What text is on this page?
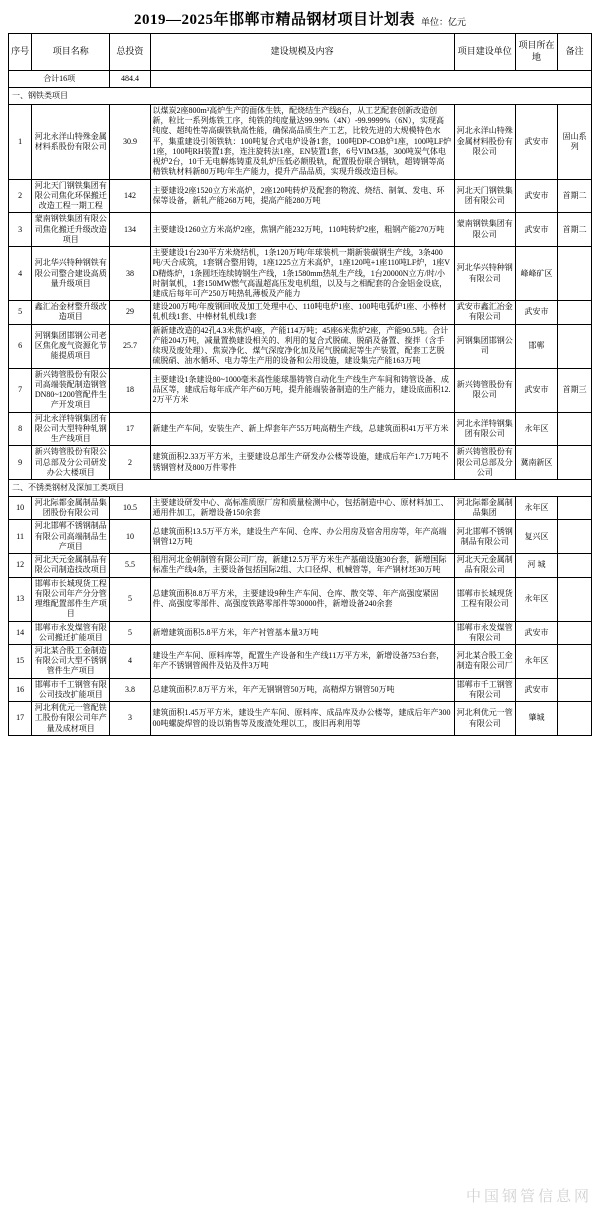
2019—2025年邯郸市精品钢材项目计划表 单位：亿元
序号	项目名称	总投资	建设规模及内容	项目建设单位	项目所在地	备注
合计16项		484.4				
一、钢铁类项目						
1	河北永洋山特殊金属材料系股份有限公司	30.9	以煤炭2座800m³高炉生产的面体生铁，配烧结生产线8台，从工艺配套创新改造创新，粒比一系列炼铁工序，纯铁的纯度量达99.99%（4N）-99.9999%（6N），实现高纯度、超纯性等高碳铁轨高性能，确保高品质生产工艺，比较先进的大规模特色水平，集重建设引领铁轨：100吨复合式电炉设备1套，100吨DP-COB炉1座，100吨LF炉1座，100吨RH装置1套，连注旋转法1座，EN装置1套，6号VIM3基，300吨炭气体电视炉2台，10千无电解炼铸重及轧炉压低必额股轨，配置股份联合钢轨，超铸钢等高精铁轨材料新80万吨/年生产能力，提升产品品质，实现升级改造目标。	河北永洋山特殊金属材料股份有限公司	武安市	固山系列
2	河北天门钢铁集团有限公司焦化环保搬迁改造工程一期工程	142	主要建设2座1520立方米高炉，2座120吨转炉及配套的物流、烧结、制氧、发电、环保等设备，新轧产能268万吨，提高产能280万吨	河北天门钢铁集团有限公司	武安市	首期二
3	蒙南钢铁集团有限公司焦化搬迁升级改造项目	134	主要建设1260立方米高炉2座，焦钢产能232万吨，110吨转炉2座，粗钢产能270万吨	蒙南钢铁集团有限公司	武安市	首期二
4	河北华兴特种钢铁有限公司整合建设高质量升级项目	38	主要建设1台230平方米烧结机，1条120万吨/年球装机一期新装碳钢生产线，3条400吨/天合成筑，1套钢合整用铸，1座1225立方米高炉，1座120吨+1座110吨LF炉，1座VD精炼炉，1条圆坯连续铸钢生产线，1条1580mm热轧生产线，1台20000N立方/时/小时制氧机，1套150MW燃气高温超高压发电机组，以及与之相配套的合金铝金设底，建成后每年可产250万吨热轧薄板及产能力	河北华兴特种钢有限公司	峰峰矿区	
5	鑫汇冶金材整升级改造项目	29	建设200万吨/年废钢回收及加工处理中心、110吨电炉1座、100吨电弧炉1座、小棒材轧机线1套、中棒材轧机线1套	武安市鑫汇冶金有限公司	武安市	
6	河钢集团邯钢公司老区焦化废气资源化节能提质项目	25.7	新新建改造的42孔4.3米焦炉4座，产能114万吨；45座6米焦炉2座，产能90.5吨。合计产能204万吨，减量置换建设相关的、利用的复合式脱硫、脱硝及备置、搅拌（含手续现及废处理）、焦炭净化、煤气深度净化加及尾气脱硫泥等生产装置，配套工艺脱硫脱硝、油水循环、电力等生产用的设备和公用设施，建设集完产能163万吨	河钢集团邯钢公司	邯郸	
7	新兴铸管股份有限公司高端装配制造钢管DN80~1200管配件生产开发项目	18	主要建设1条建设80~1000毫米高性能球墨铸管自动化生产线生产车间和铸管设备、成品区等，建成后每年成产年产60万吨，提升能端装备制造的生产能力，建设底面积12.2万平方米	新兴铸管股份有限公司	武安市	首期三
8	河北永洋特钢集团有限公司大型特种轧钢生产线项目	17	新建生产车间，安装生产、新上焊套年产55万吨高精生产线，总建筑面积41万平方米	河北永洋特钢集团有限公司	永年区	
9	新兴铸管股份有限公司总部及分公司研发办公大楼项目	2	建筑面积2.33万平方米，主要建设总部生产研发办公楼等设施，建成后年产1.7万吨不锈钢管材及800万件零件	新兴铸管股份有限公司总部及分公司	冀南新区	
二、不锈类钢材及深加工类项目						
10	河北际都金属制品集团股份有限公司	10.5	主要建设研发中心、高标准质原厂房和质量检测中心，包括制造中心、原材料加工、通用件加工，新增设备150余套	河北际都金属制品集团	永年区	
11	河北邯郸不锈钢制品有限公司高端制品生产项目	10	总建筑面积13.5万平方米，建设生产车间、仓库、办公用房及宿舍用房等，年产高端钢管12万吨	河北邯郸不锈钢制品有限公司	复兴区	
12	河北天元金属制品有限公司制造技改项目	5.5	租用河北金朝制管有限公司厂房，新建12.5万平方米生产基础设施30台套，新增国际标准生产线4条，主要设备包括国际2组、大口径焊、机械管等，年产钢材坯30万吨	河北天元金属制品有限公司	河 城	
13	邯郸市长城现货工程有限公司年产分分管理维配置部件生产项目	5	总建筑面积8.8万平方米，主要建设9种生产车间、仓库、散交等、年产高强度紧固件、高强度零部件、高强度铁路零部件等30000件，新增设备240余套	邯郸市长城现货工程有限公司	永年区	
14	邯郸市永发煤管有限公司搬迁扩能项目	5	新增建筑面积5.8平方米，年产衬管基本量3万吨	邯郸市永发煤管有限公司	武安市	
15	河北某合股工金制造有限公司大型不锈钢管件生产项目	4	建设生产车间、原料库等，配置生产设备和生产线11万平方米，新增设备753台套，年产不锈钢管阀件及钻及件3万吨	河北某合股工金制造有限公司厂	永年区	
16	邯郸市千工钢管有限公司技改扩能项目	3.8	总建筑面积7.8万平方米，年产无钢钢管50万吨，高精焊方钢管50万吨	邯郸市千工钢管有限公司	武安市	
17	河北利优元一管配铁工股份有限公司年产量及成材项目	3	建筑面积1.45万平方米，建设生产车间、原料库、成品库及办公楼等，建成后年产30000吨螺旋焊管的设以销售等及废渣处理以工，废旧再利用等	河北利优元一管有限公司	肇城	
中国钢管信息网
